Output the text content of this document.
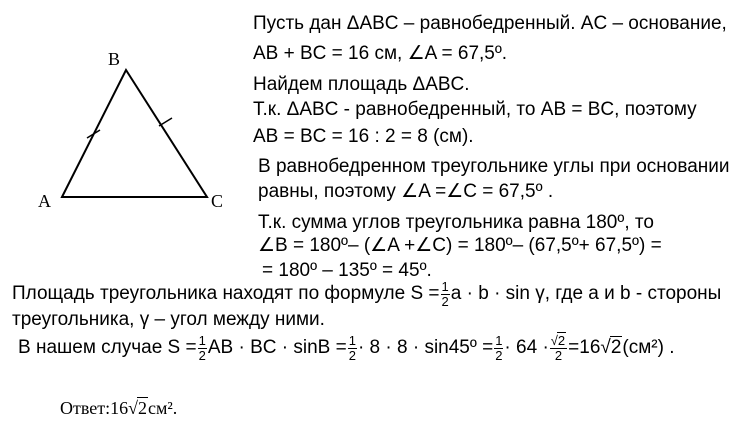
B
A	C
Пусть дан ΔABC – равнобедренный. AC – основание,
AB + BC = 16 см, ∠A = 67,5º.
Найдем площадь ΔABC.
Т.к. ΔABC - равнобедренный, то AB = BC, поэтому
AB = BC = 16 : 2 = 8 (см).
В равнобедренном треугольнике углы при основании
равны, поэтому ∠A =∠C = 67,5º .
Т.к. сумма углов треугольника равна 180º, то
∠B = 180º– (∠A +∠C) = 180º– (67,5º+ 67,5º) =
= 180º – 135º = 45º.
Площадь треугольника находят по формуле $S = \frac{1}{2}$ a · b · sin γ, где a и b - стороны
треугольника, γ – угол между ними.
В нашем случае $S = \frac{1}{2}$ AB · BC · $\sin B = \frac{1}{2} \cdot 8 \cdot 8$ · sin45º = $\frac{1}{2} \cdot 64 \cdot \frac{√2}{2} =16√2(см^2)$ .
Ответ:16√2см².
